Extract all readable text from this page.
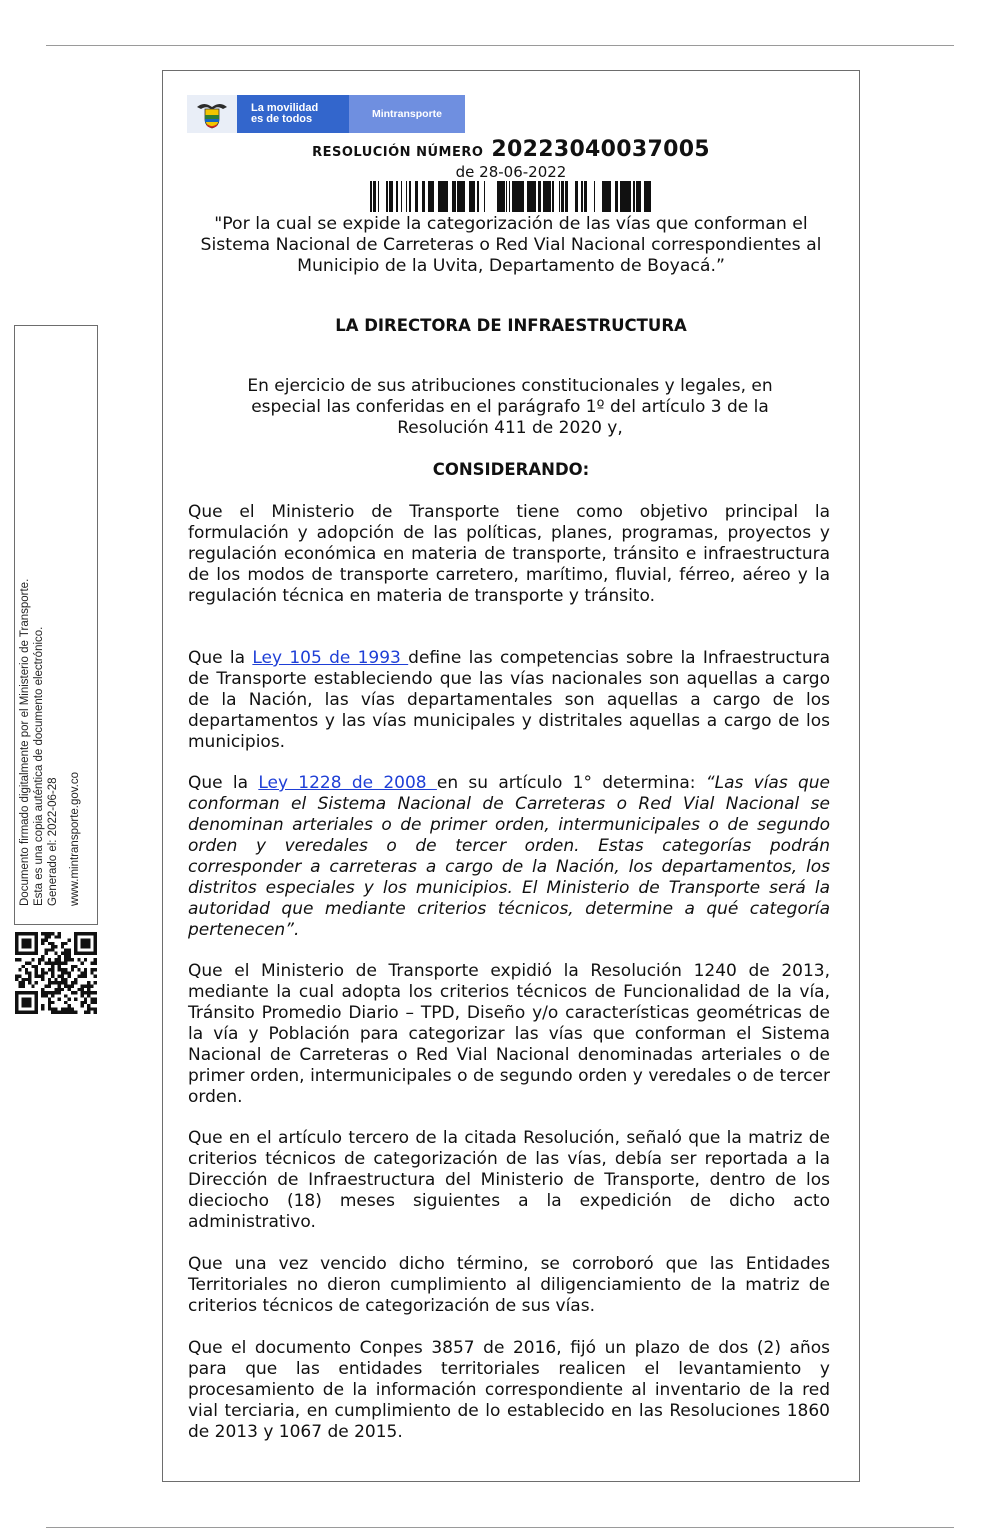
La movilidad
es de todos	Mintransporte
RESOLUCIÓN NÚMERO 20223040037005
de 28-06-2022
"Por la cual se expide la categorización de las vías que conforman el Sistema Nacional de Carreteras o Red Vial Nacional correspondientes al Municipio de la Uvita, Departamento de Boyacá.”
LA DIRECTORA DE INFRAESTRUCTURA
En ejercicio de sus atribuciones constitucionales y legales, en especial las conferidas en el parágrafo 1º del artículo 3 de la Resolución 411 de 2020 y,
CONSIDERANDO:

Que el Ministerio de Transporte tiene como objetivo principal la formulación y adopción de las políticas, planes, programas, proyectos y regulación económica en materia de transporte, tránsito e infraestructura de los modos de transporte carretero, marítimo, fluvial, férreo, aéreo y la regulación técnica en materia de transporte y tránsito.

Que la Ley 105 de 1993 define las competencias sobre la Infraestructura de Transporte estableciendo que las vías nacionales son aquellas a cargo de la Nación, las vías departamentales son aquellas a cargo de los departamentos y las vías municipales y distritales aquellas a cargo de los municipios.

Que la Ley 1228 de 2008 en su artículo 1° determina: “Las vías que conforman el Sistema Nacional de Carreteras o Red Vial Nacional se denominan arteriales o de primer orden, intermunicipales o de segundo orden y veredales o de tercer orden. Estas categorías podrán corresponder a carreteras a cargo de la Nación, los departamentos, los distritos especiales y los municipios. El Ministerio de Transporte será la autoridad que mediante criterios técnicos, determine a qué categoría pertenecen”.

Que el Ministerio de Transporte expidió la Resolución 1240 de 2013, mediante la cual adopta los criterios técnicos de Funcionalidad de la vía, Tránsito Promedio Diario – TPD, Diseño y/o características geométricas de la vía y Población para categorizar las vías que conforman el Sistema Nacional de Carreteras o Red Vial Nacional denominadas arteriales o de primer orden, intermunicipales o de segundo orden y veredales o de tercer orden.

Que en el artículo tercero de la citada Resolución, señaló que la matriz de criterios técnicos de categorización de las vías, debía ser reportada a la Dirección de Infraestructura del Ministerio de Transporte, dentro de los dieciocho (18) meses siguientes a la expedición de dicho acto administrativo.

Que una vez vencido dicho término, se corroboró que las Entidades Territoriales no dieron cumplimiento al diligenciamiento de la matriz de criterios técnicos de categorización de sus vías.

Que el documento Conpes 3857 de 2016, fijó un plazo de dos (2) años para que las entidades territoriales realicen el levantamiento y procesamiento de la información correspondiente al inventario de la red vial terciaria, en cumplimiento de lo establecido en las Resoluciones 1860 de 2013 y 1067 de 2015.

Documento firmado digitalmente por el Ministerio de Transporte. Esta es una copia auténtica de documento electrónico. Generado el: 2022-06-28 www.mintransporte.gov.co
